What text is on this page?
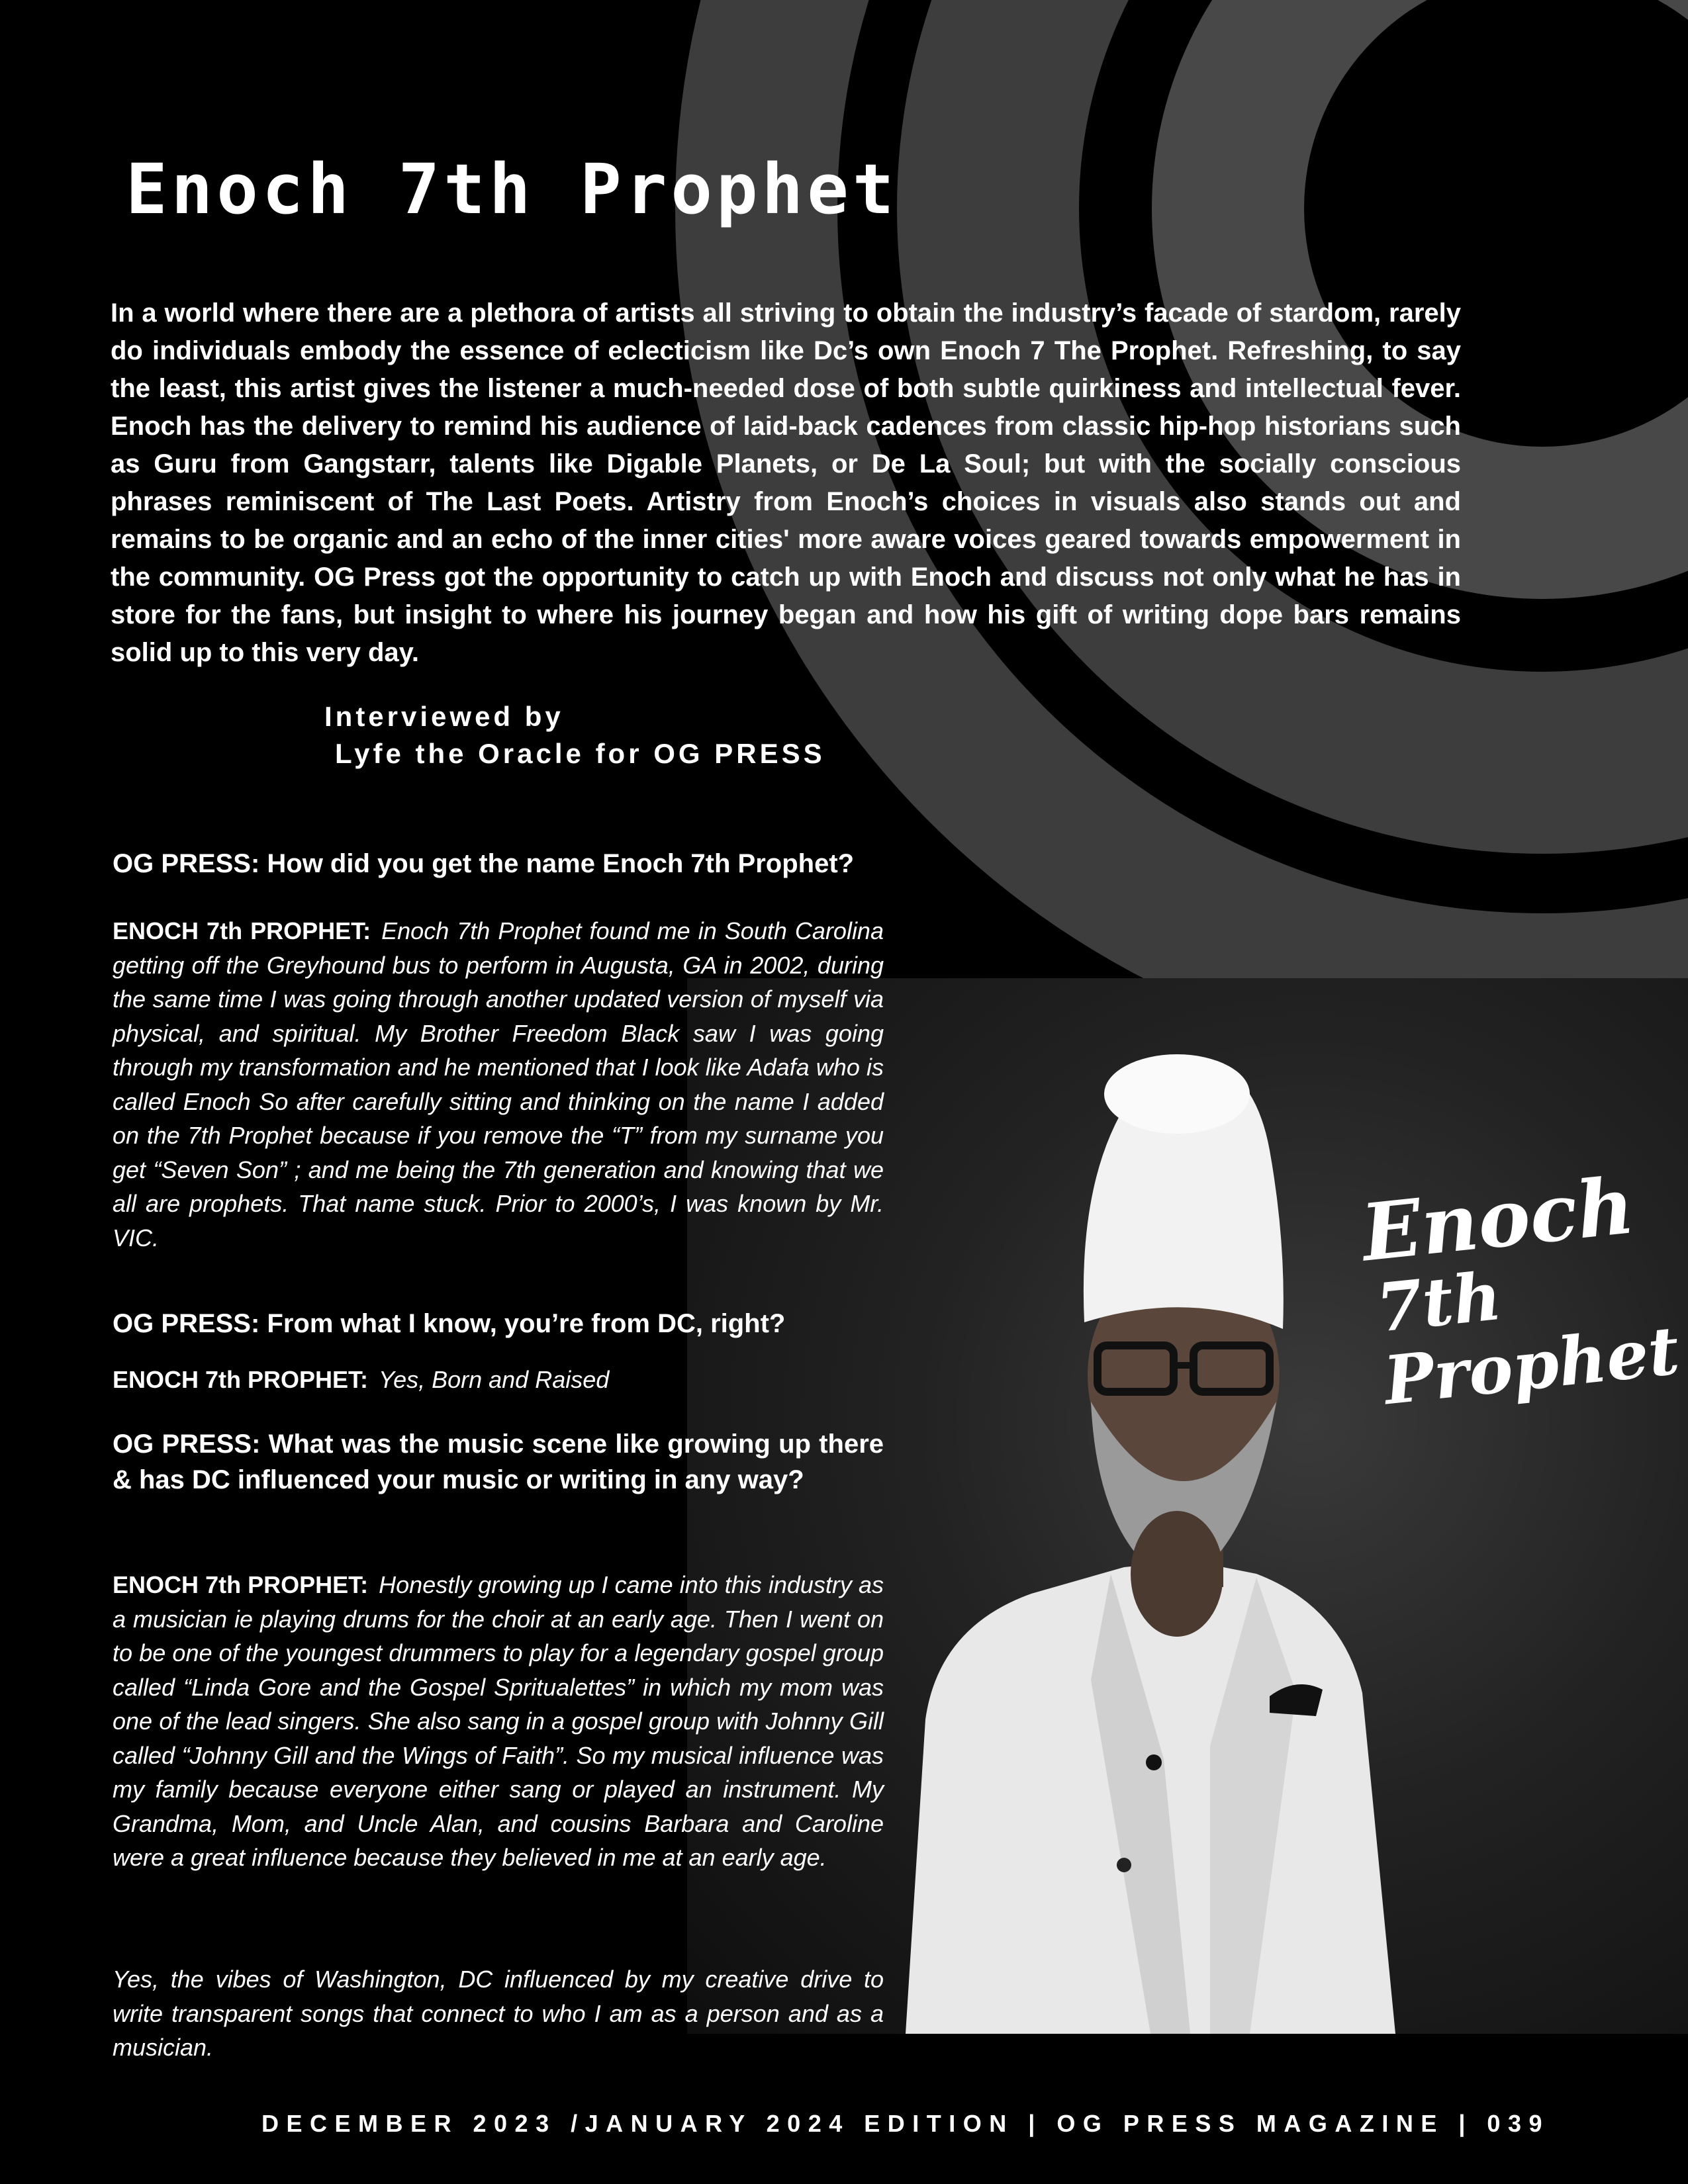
Enoch 7th Prophet

In a world where there are a plethora of artists all striving to obtain the industry’s facade of stardom, rarely do individuals embody the essence of eclecticism like Dc’s own Enoch 7 The Prophet. Refreshing, to say the least, this artist gives the listener a much-needed dose of both subtle quirkiness and intellectual fever. Enoch has the delivery to remind his audience of laid-back cadences from classic hip-hop historians such as Guru from Gangstarr, talents like Digable Planets, or De La Soul; but with the socially conscious phrases reminiscent of The Last Poets. Artistry from Enoch’s choices in visuals also stands out and remains to be organic and an echo of the inner cities' more aware voices geared towards empowerment in the community. OG Press got the opportunity to catch up with Enoch and discuss not only what he has in store for the fans, but insight to where his journey began and how his gift of writing dope bars remains solid up to this very day.

Interviewed by
Lyfe the Oracle for OG PRESS
Enoch
7th Prophet

OG PRESS: How did you get the name Enoch 7th Prophet?

ENOCH 7th PROPHET: Enoch 7th Prophet found me in South Carolina getting off the Greyhound bus to perform in Augusta, GA in 2002, during the same time I was going through another updated version of myself via physical, and spiritual. My Brother Freedom Black saw I was going through my transformation and he mentioned that I look like Adafa who is called Enoch So after carefully sitting and thinking on the name I added on the 7th Prophet because if you remove the “T” from my surname you get “Seven Son” ; and me being the 7th generation and knowing that we all are prophets. That name stuck. Prior to 2000’s, I was known by Mr. VIC.

OG PRESS: From what I know, you’re from DC, right?

ENOCH 7th PROPHET: Yes, Born and Raised

OG PRESS: What was the music scene like growing up there & has DC influenced your music or writing in any way?

ENOCH 7th PROPHET: Honestly growing up I came into this industry as a musician ie playing drums for the choir at an early age. Then I went on to be one of the youngest drummers to play for a legendary gospel group called “Linda Gore and the Gospel Spritualettes” in which my mom was one of the lead singers. She also sang in a gospel group with Johnny Gill called “Johnny Gill and the Wings of Faith”. So my musical influence was my family because everyone either sang or played an instrument. My Grandma, Mom, and Uncle Alan, and cousins Barbara and Caroline were a great influence because they believed in me at an early age.

Yes, the vibes of Washington, DC influenced by my creative drive to write transparent songs that connect to who I am as a person and as a musician.

DECEMBER 2023 /JANUARY 2024 EDITION | OG PRESS MAGAZINE | 039
